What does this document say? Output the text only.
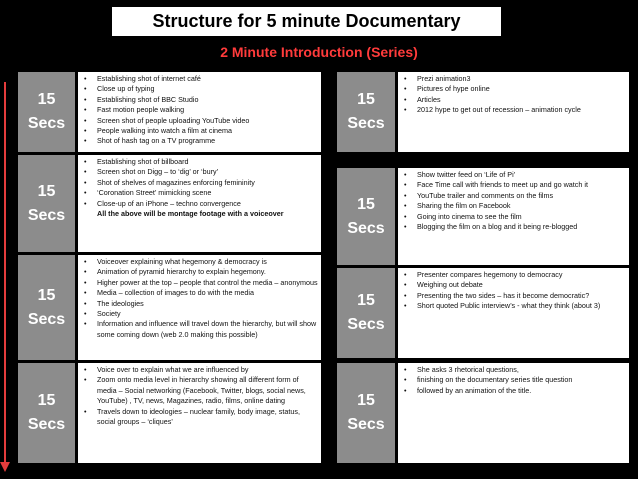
Structure for 5 minute Documentary
2 Minute Introduction (Series)
15
Secs
• Establishing shot of internet café
• Close up of typing
• Establishing shot of BBC Studio
• Fast motion people walking
• Screen shot of people uploading YouTube video
• People walking into watch a film at cinema
• Shot of hash tag on a TV programme
15
Secs
• Establishing shot of billboard
• Screen shot on Digg – to ‘dig’ or ‘bury’
• Shot of shelves of magazines enforcing femininity
• ‘Coronation Street’ mimicking scene
• Close-up of an iPhone – techno convergence
All the above will be montage footage with a voiceover
15
Secs
• Voiceover explaining what hegemony & democracy is
• Animation of pyramid hierarchy to explain hegemony.
• Higher power at the top – people that control the media – anonymous
• Media – collection of images to do with the media
• The ideologies
• Society
• Information and influence will travel down the hierarchy, but will show some coming down (web 2.0 making this possible)
15
Secs
• Voice over to explain what we are influenced by
• Zoom onto media level in hierarchy showing all different form of media – Social networking (Facebook, Twitter, blogs, social news, YouTube) , TV, news, Magazines, radio, films, online dating
• Travels down to ideologies – nuclear family, body image, status, social groups – ‘cliques’
15
Secs
• Prezi animation3
• Pictures of hype online
• Articles
• 2012 hype to get out of recession – animation cycle
15
Secs
• Show twitter feed on ‘Life of Pi’
• Face Time call with friends to meet up and go watch it
• YouTube trailer and comments on the films
• Sharing the film on Facebook
• Going into cinema to see the film
• Blogging the film on a blog and it being re-blogged
15
Secs
• Presenter compares hegemony to democracy
• Weighing out debate
• Presenting the two sides – has it become democratic?
• Short quoted Public interview’s - what they think (about 3)
15
Secs
• She asks 3 rhetorical questions,
• finishing on the documentary series title question
• followed by an animation of the title.
